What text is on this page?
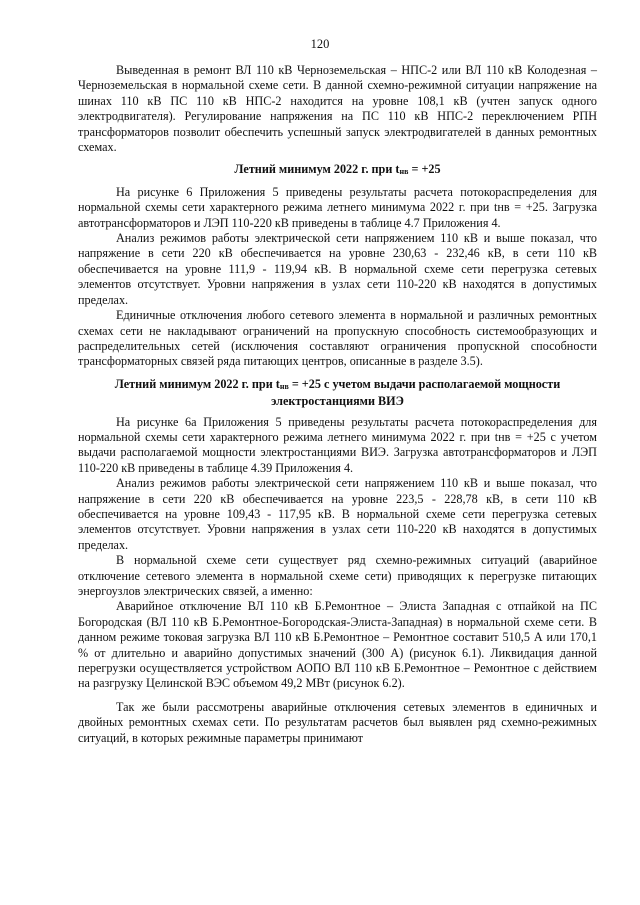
120

Выведенная в ремонт ВЛ 110 кВ Черноземельская – НПС-2 или ВЛ 110 кВ Колодезная – Черноземельская в нормальной схеме сети. В данной схемно-режимной ситуации напряжение на шинах 110 кВ ПС 110 кВ НПС-2 находится на уровне 108,1 кВ (учтен запуск одного электродвигателя). Регулирование напряжения на ПС 110 кВ НПС-2 переключением РПН трансформаторов позволит обеспечить успешный запуск электродвигателей в данных ремонтных схемах.

Летний минимум 2022 г. при $t_{нв} = +25$

На рисунке 6 Приложения 5 приведены результаты расчета потокораспределения для нормальной схемы сети характерного режима летнего минимума 2022 г. при tнв = +25. Загрузка автотрансформаторов и ЛЭП 110-220 кВ приведены в таблице 4.7 Приложения 4.

Анализ режимов работы электрической сети напряжением 110 кВ и выше показал, что напряжение в сети 220 кВ обеспечивается на уровне 230,63 - 232,46 кВ, в сети 110 кВ обеспечивается на уровне 111,9 - 119,94 кВ. В нормальной схеме сети перегрузка сетевых элементов отсутствует. Уровни напряжения в узлах сети 110-220 кВ находятся в допустимых пределах.

Единичные отключения любого сетевого элемента в нормальной и различных ремонтных схемах сети не накладывают ограничений на пропускную способность системообразующих и распределительных сетей (исключения составляют ограничения пропускной способности трансформаторных связей ряда питающих центров, описанные в разделе 3.5).

Летний минимум 2022 г. при $t_{нв} = +25$ с учетом выдачи располагаемой мощности электростанциями ВИЭ

На рисунке 6а Приложения 5 приведены результаты расчета потокораспределения для нормальной схемы сети характерного режима летнего минимума 2022 г. при tнв = +25 с учетом выдачи располагаемой мощности электростанциями ВИЭ. Загрузка автотрансформаторов и ЛЭП 110-220 кВ приведены в таблице 4.39 Приложения 4.

Анализ режимов работы электрической сети напряжением 110 кВ и выше показал, что напряжение в сети 220 кВ обеспечивается на уровне 223,5 - 228,78 кВ, в сети 110 кВ обеспечивается на уровне 109,43 - 117,95 кВ. В нормальной схеме сети перегрузка сетевых элементов отсутствует. Уровни напряжения в узлах сети 110-220 кВ находятся в допустимых пределах.

В нормальной схеме сети существует ряд схемно-режимных ситуаций (аварийное отключение сетевого элемента в нормальной схеме сети) приводящих к перегрузке питающих энергоузлов электрических связей, а именно:

Аварийное отключение ВЛ 110 кВ Б.Ремонтное – Элиста Западная с отпайкой на ПС Богородская (ВЛ 110 кВ Б.Ремонтное-Богородская-Элиста-Западная) в нормальной схеме сети. В данном режиме токовая загрузка ВЛ 110 кВ Б.Ремонтное – Ремонтное составит 510,5 А или 170,1 % от длительно и аварийно допустимых значений (300 А) (рисунок 6.1). Ликвидация данной перегрузки осуществляется устройством АОПО ВЛ 110 кВ Б.Ремонтное – Ремонтное с действием на разгрузку Целинской ВЭС объемом 49,2 МВт (рисунок 6.2).

Так же были рассмотрены аварийные отключения сетевых элементов в единичных и двойных ремонтных схемах сети. По результатам расчетов был выявлен ряд схемно-режимных ситуаций, в которых режимные параметры принимают
